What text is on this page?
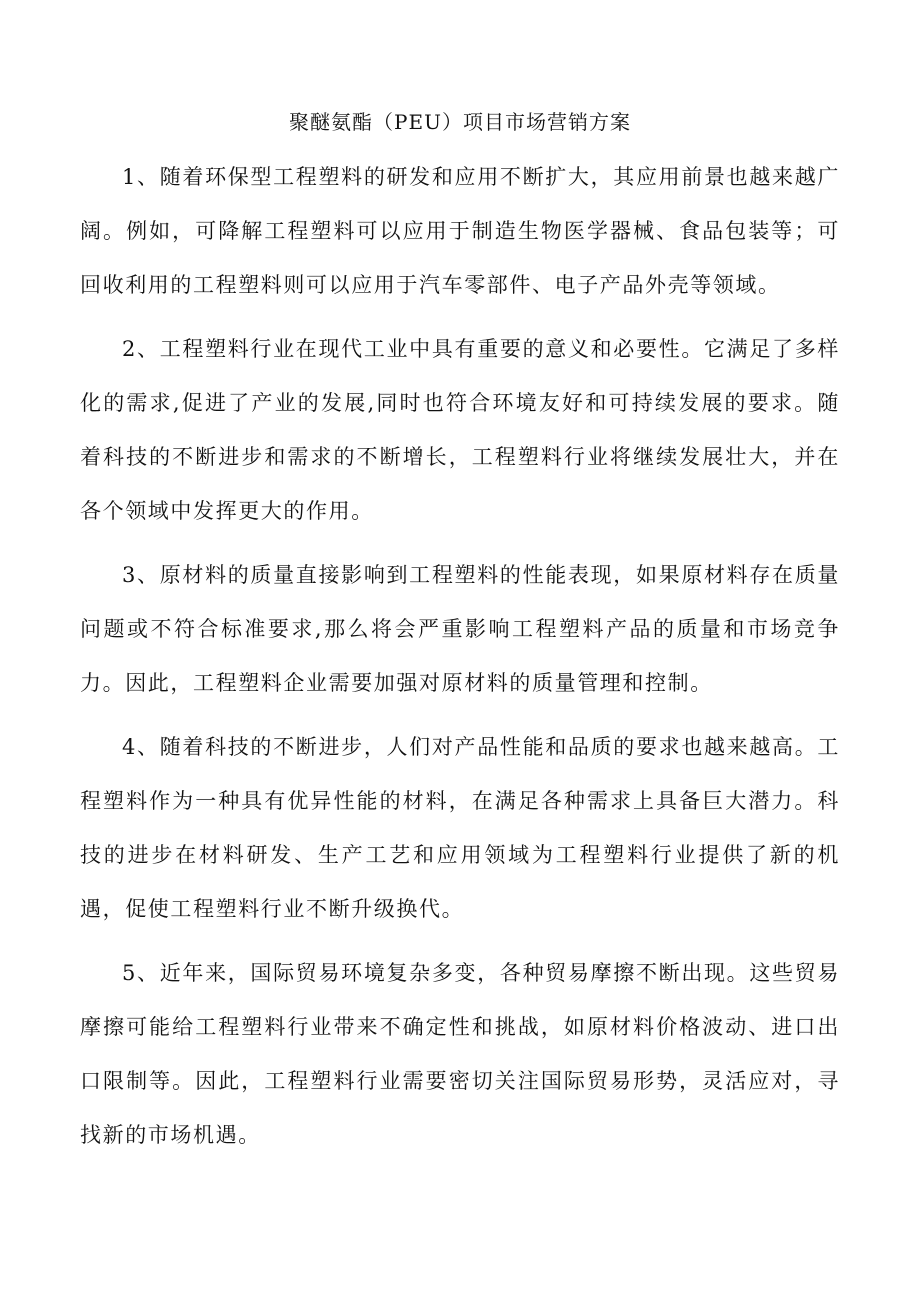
聚醚氨酯（PEU）项目市场营销方案

1、随着环保型工程塑料的研发和应用不断扩大，其应用前景也越来越广阔。例如，可降解工程塑料可以应用于制造生物医学器械、食品包装等；可回收利用的工程塑料则可以应用于汽车零部件、电子产品外壳等领域。

2、工程塑料行业在现代工业中具有重要的意义和必要性。它满足了多样化的需求,促进了产业的发展,同时也符合环境友好和可持续发展的要求。随着科技的不断进步和需求的不断增长，工程塑料行业将继续发展壮大，并在各个领域中发挥更大的作用。

3、原材料的质量直接影响到工程塑料的性能表现，如果原材料存在质量问题或不符合标准要求,那么将会严重影响工程塑料产品的质量和市场竞争力。因此，工程塑料企业需要加强对原材料的质量管理和控制。

4、随着科技的不断进步，人们对产品性能和品质的要求也越来越高。工程塑料作为一种具有优异性能的材料，在满足各种需求上具备巨大潜力。科技的进步在材料研发、生产工艺和应用领域为工程塑料行业提供了新的机遇，促使工程塑料行业不断升级换代。

5、近年来，国际贸易环境复杂多变，各种贸易摩擦不断出现。这些贸易摩擦可能给工程塑料行业带来不确定性和挑战，如原材料价格波动、进口出口限制等。因此，工程塑料行业需要密切关注国际贸易形势，灵活应对，寻找新的市场机遇。
